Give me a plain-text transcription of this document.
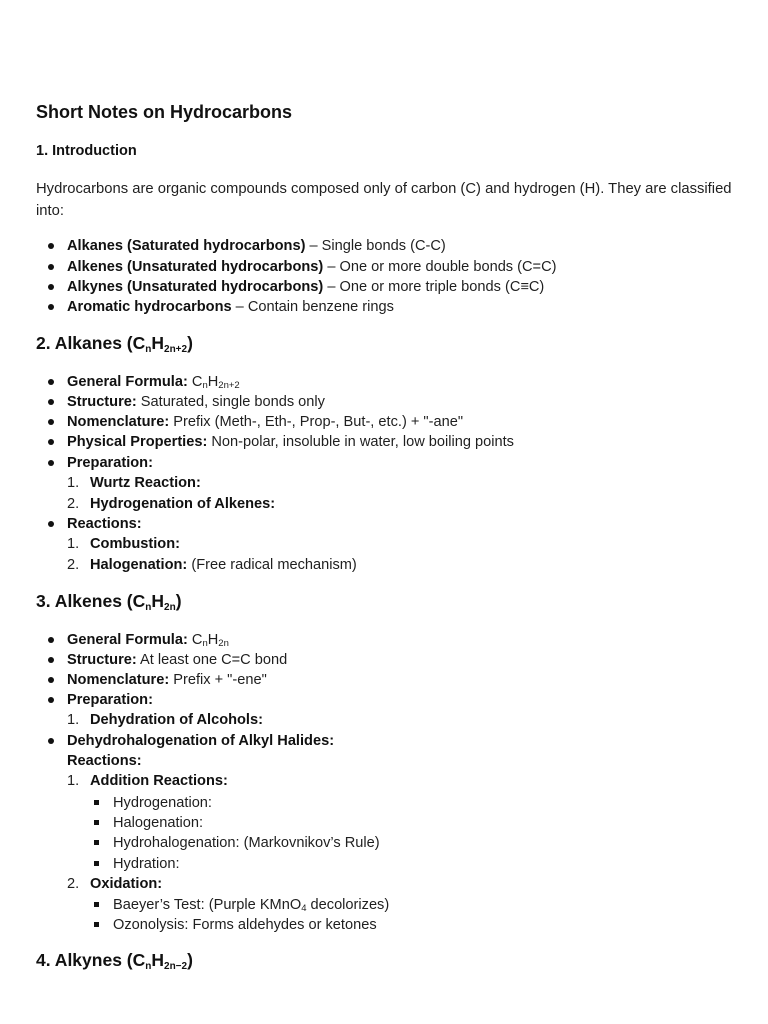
Short Notes on Hydrocarbons
1. Introduction

Hydrocarbons are organic compounds composed only of carbon (C) and hydrogen (H). They are classified into:

Alkanes (Saturated hydrocarbons) – Single bonds (C-C)
Alkenes (Unsaturated hydrocarbons) – One or more double bonds (C=C)
Alkynes (Unsaturated hydrocarbons) – One or more triple bonds (C≡C)
Aromatic hydrocarbons – Contain benzene rings
2. Alkanes $(C_nH_{2n+2})$
General Formula: $C_nH_{2n+2}$
Structure: Saturated, single bonds only
Nomenclature: Prefix (Meth-, Eth-, Prop-, But-, etc.) + "-ane"
Physical Properties: Non-polar, insoluble in water, low boiling points
Preparation:
1. Wurtz Reaction:
2. Hydrogenation of Alkenes:
Reactions:
1. Combustion:
2. Halogenation: (Free radical mechanism)
3. Alkenes $(C_nH_{2n})$
General Formula: $C_nH_{2n}$
Structure: At least one C=C bond
Nomenclature: Prefix + "-ene"
Preparation:
1. Dehydration of Alcohols:
Dehydrohalogenation of Alkyl Halides:
Reactions:
1. Addition Reactions:
Hydrogenation:
Halogenation:
Hydrohalogenation: (Markovnikov’s Rule)
Hydration:
2. Oxidation:
Baeyer’s Test: (Purple KMnO$_4$ decolorizes)
Ozonolysis: Forms aldehydes or ketones
4. Alkynes $(C_nH_{2n-2})$
